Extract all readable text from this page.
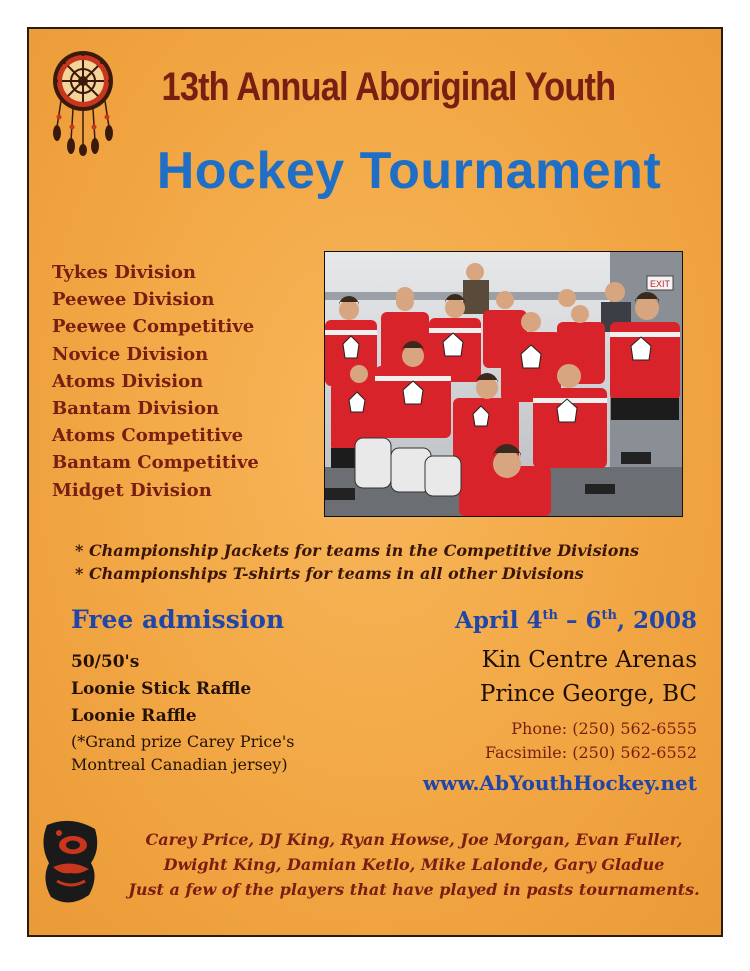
13th Annual Aboriginal Youth
Hockey Tournament
Tykes Division
Peewee Division
Peewee Competitive
Novice Division
Atoms Division
Bantam Division
Atoms Competitive
Bantam Competitive
Midget Division
EXIT
* Championship Jackets for teams in the Competitive Divisions
* Championships T-shirts for teams in all other Divisions
Free admission
50/50's
Loonie Stick Raffle
Loonie Raffle
(*Grand prize Carey Price's
Montreal Canadian jersey)
April 4th – 6th, 2008
Kin Centre Arenas
Prince George, BC
Phone: (250) 562-6555
Facsimile: (250) 562-6552
www.AbYouthHockey.net
Carey Price, DJ King, Ryan Howse, Joe Morgan, Evan Fuller,
Dwight King, Damian Ketlo, Mike Lalonde, Gary Gladue
Just a few of the players that have played in pasts tournaments.
